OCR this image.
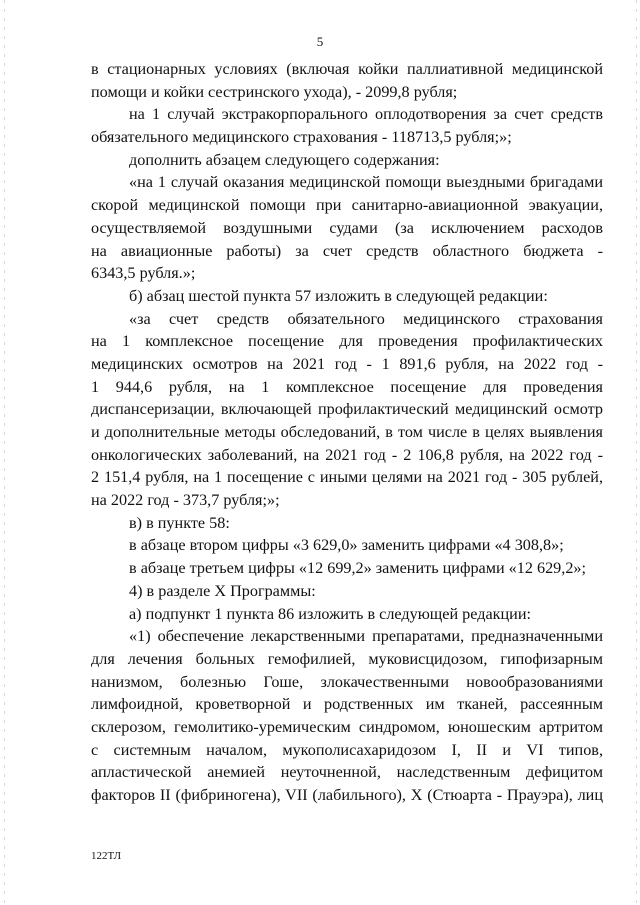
5
в стационарных условиях (включая койки паллиативной медицинской
помощи и койки сестринского ухода), - 2099,8 рубля;
на 1 случай экстракорпорального оплодотворения за счет средств
обязательного медицинского страхования - 118713,5 рубля;»;
дополнить абзацем следующего содержания:
«на 1 случай оказания медицинской помощи выездными бригадами
скорой медицинской помощи при санитарно-авиационной эвакуации,
осуществляемой воздушными судами (за исключением расходов
на авиационные работы) за счет средств областного бюджета -
6343,5 рубля.»;
б) абзац шестой пункта 57 изложить в следующей редакции:
«за счет средств обязательного медицинского страхования
на 1 комплексное посещение для проведения профилактических
медицинских осмотров на 2021 год - 1 891,6 рубля, на 2022 год -
1 944,6 рубля, на 1 комплексное посещение для проведения
диспансеризации, включающей профилактический медицинский осмотр
и дополнительные методы обследований, в том числе в целях выявления
онкологических заболеваний, на 2021 год - 2 106,8 рубля, на 2022 год -
2 151,4 рубля, на 1 посещение с иными целями на 2021 год - 305 рублей,
на 2022 год - 373,7 рубля;»;
в) в пункте 58:
в абзаце втором цифры «3 629,0» заменить цифрами «4 308,8»;
в абзаце третьем цифры «12 699,2» заменить цифрами «12 629,2»;
4) в разделе X Программы:
а) подпункт 1 пункта 86 изложить в следующей редакции:
«1) обеспечение лекарственными препаратами, предназначенными
для лечения больных гемофилией, муковисцидозом, гипофизарным
нанизмом, болезнью Гоше, злокачественными новообразованиями
лимфоидной, кроветворной и родственных им тканей, рассеянным
склерозом, гемолитико-уремическим синдромом, юношеским артритом
с системным началом, мукополисахаридозом I, II и VI типов,
апластической анемией неуточненной, наследственным дефицитом
факторов II (фибриногена), VII (лабильного), X (Стюарта - Прауэра), лиц
122ТЛ
